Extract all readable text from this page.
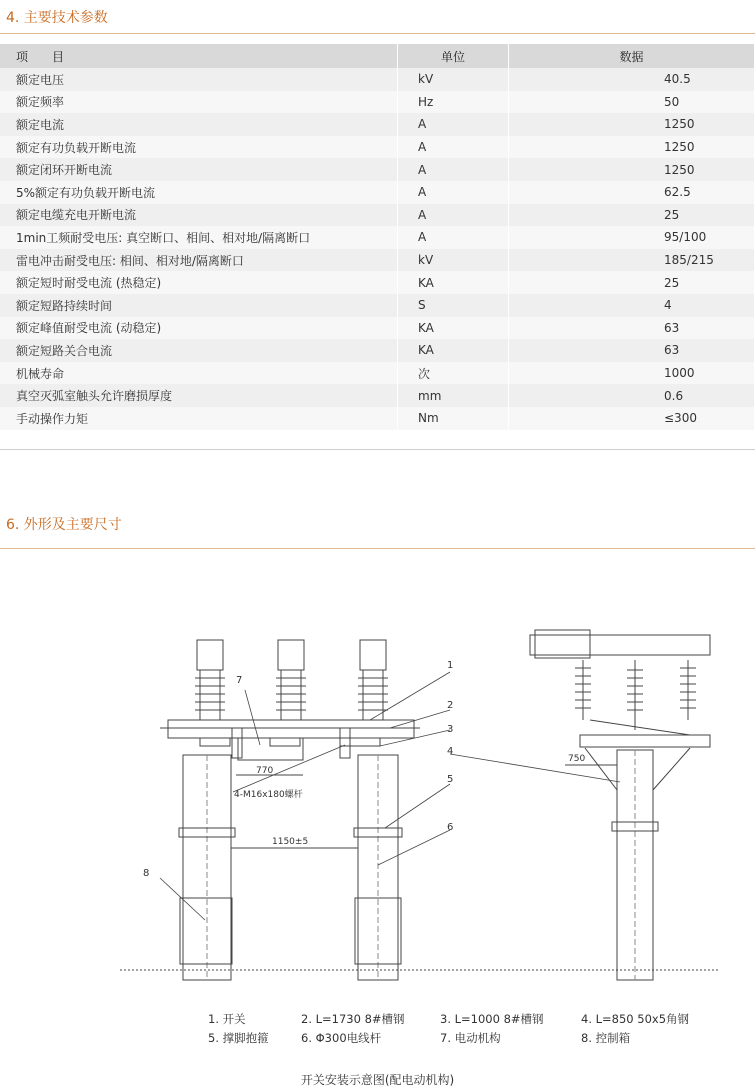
4. 主要技术参数
项　　目	单位	数据
额定电压	kV	40.5
额定频率	Hz	50
额定电流	A	1250
额定有功负载开断电流	A	1250
额定闭环开断电流	A	1250
5%额定有功负载开断电流	A	62.5
额定电缆充电开断电流	A	25
1min工频耐受电压: 真空断口、相间、相对地/隔离断口	A	95/100
雷电冲击耐受电压: 相间、相对地/隔离断口	kV	185/215
额定短时耐受电流 (热稳定)	KA	25
额定短路持续时间	S	4
额定峰值耐受电流 (动稳定)	KA	63
额定短路关合电流	KA	63
机械寿命	次	1000
真空灭弧室触头允许磨损厚度	mm	0.6
手动操作力矩	Nm	≤300
6. 外形及主要尺寸
1
2
3
4
5
6
7
8
770
4-M16x180螺杆
1150±5
750
1. 开关	2. L=1730 8#槽钢	3. L=1000 8#槽钢	4. L=850 50x5角钢
5. 撑脚抱箍	6. Φ300电线杆	7. 电动机构	8. 控制箱
开关安装示意图(配电动机构)
